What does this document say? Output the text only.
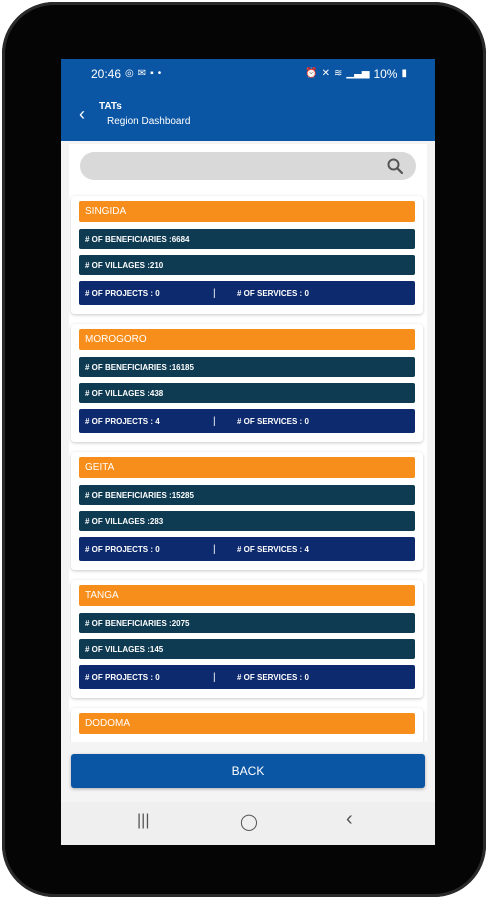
20:46 ◎ ✉ ▪ •	⏰ ✕ ≋ ▁▃▅ 10% ▮
‹ TATs
Region Dashboard
SINGIDA
# OF BENEFICIARIES : 6684
# OF VILLAGES : 210
# OF PROJECTS : 0	|	# OF SERVICES : 0
MOROGORO
# OF BENEFICIARIES : 16185
# OF VILLAGES : 438
# OF PROJECTS : 4	|	# OF SERVICES : 0
GEITA
# OF BENEFICIARIES : 15285
# OF VILLAGES : 283
# OF PROJECTS : 0	|	# OF SERVICES : 4
TANGA
# OF BENEFICIARIES : 2075
# OF VILLAGES : 145
# OF PROJECTS : 0	|	# OF SERVICES : 0
DODOMA
BACK
|||	◯	‹
